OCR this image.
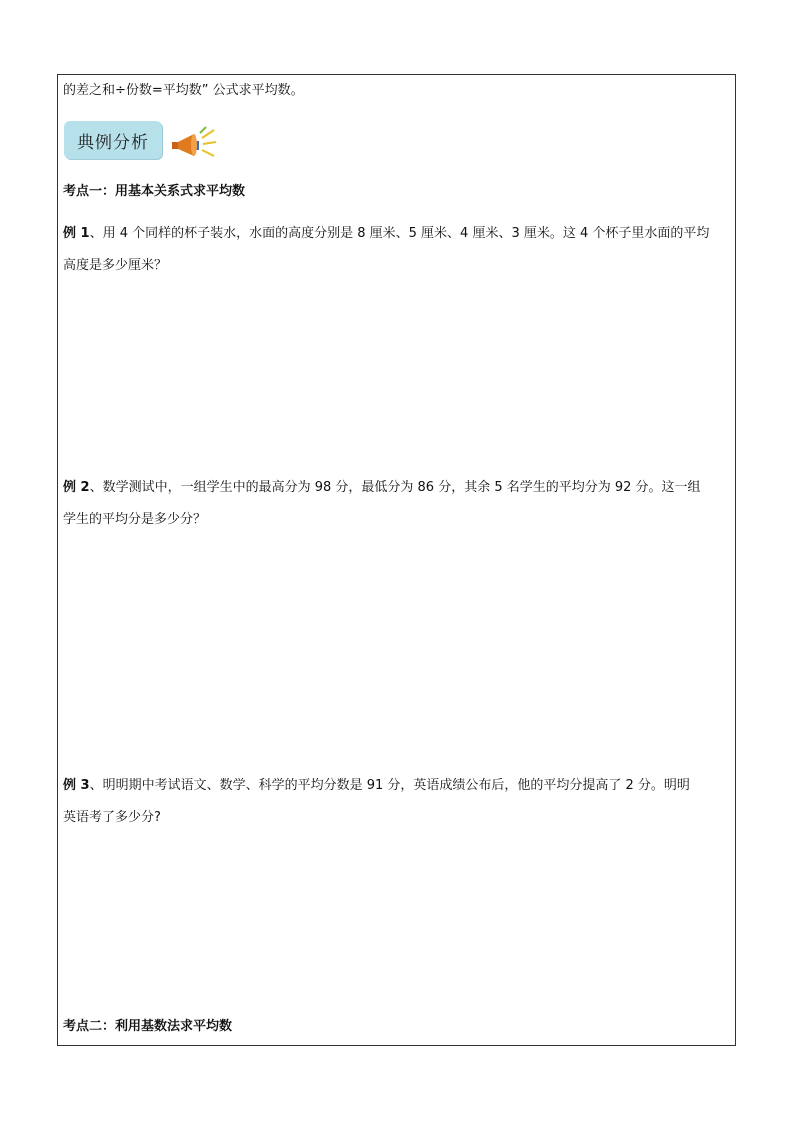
的差之和÷份数=平均数” 公式求平均数。
典例分析
考点一：用基本关系式求平均数
例 1、用 4 个同样的杯子装水，水面的高度分别是 8 厘米、5 厘米、4 厘米、3 厘米。这 4 个杯子里水面的平均
高度是多少厘米？
例 2、数学测试中，一组学生中的最高分为 98 分，最低分为 86 分，其余 5 名学生的平均分为 92 分。这一组
学生的平均分是多少分？
例 3、明明期中考试语文、数学、科学的平均分数是 91 分，英语成绩公布后，他的平均分提高了 2 分。明明
英语考了多少分?
考点二：利用基数法求平均数
